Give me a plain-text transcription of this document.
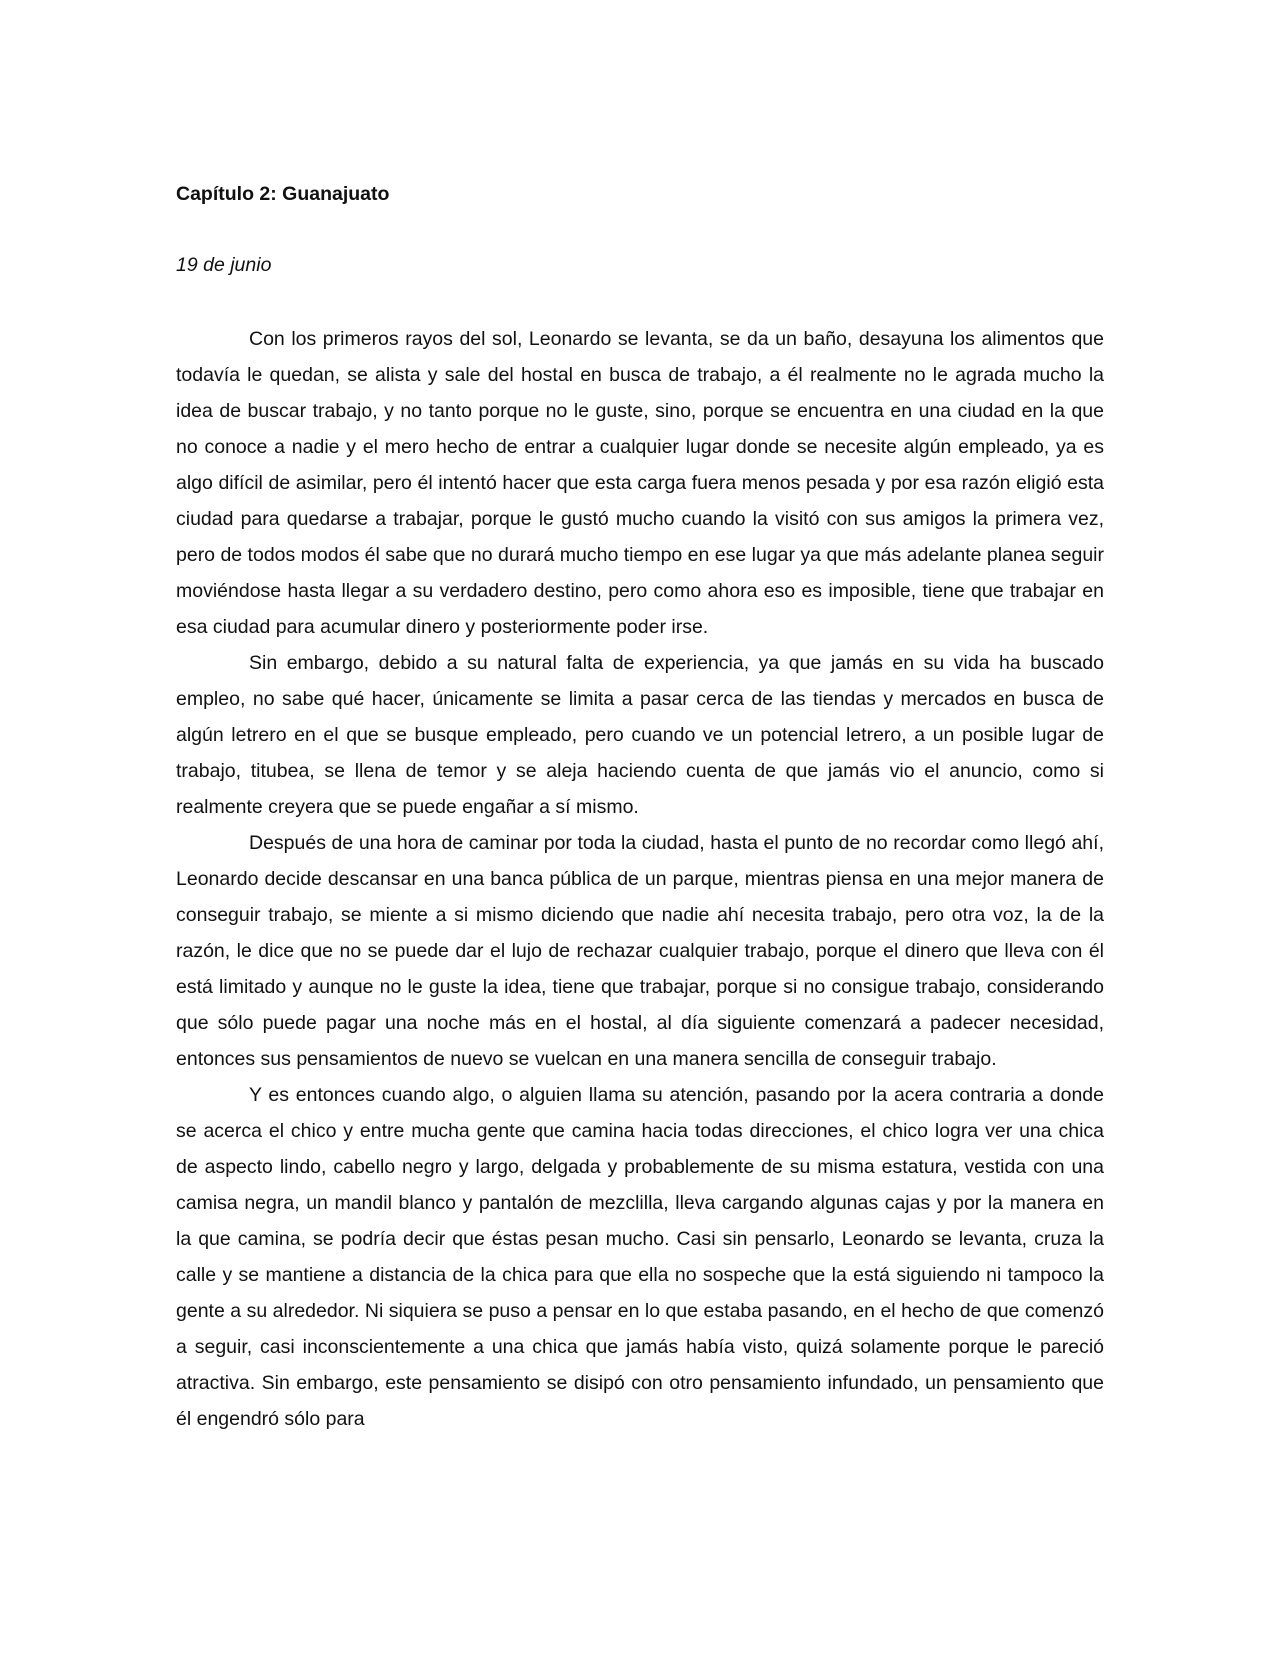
Capítulo 2: Guanajuato

19 de junio

Con los primeros rayos del sol, Leonardo se levanta, se da un baño, desayuna los alimentos que todavía le quedan, se alista y sale del hostal en busca de trabajo, a él realmente no le agrada mucho la idea de buscar trabajo, y no tanto porque no le guste, sino, porque se encuentra en una ciudad en la que no conoce a nadie y el mero hecho de entrar a cualquier lugar donde se necesite algún empleado, ya es algo difícil de asimilar, pero él intentó hacer que esta carga fuera menos pesada y por esa razón eligió esta ciudad para quedarse a trabajar, porque le gustó mucho cuando la visitó con sus amigos la primera vez, pero de todos modos él sabe que no durará mucho tiempo en ese lugar ya que más adelante planea seguir moviéndose hasta llegar a su verdadero destino, pero como ahora eso es imposible, tiene que trabajar en esa ciudad para acumular dinero y posteriormente poder irse.

Sin embargo, debido a su natural falta de experiencia, ya que jamás en su vida ha buscado empleo, no sabe qué hacer, únicamente se limita a pasar cerca de las tiendas y mercados en busca de algún letrero en el que se busque empleado, pero cuando ve un potencial letrero, a un posible lugar de trabajo, titubea, se llena de temor y se aleja haciendo cuenta de que jamás vio el anuncio, como si realmente creyera que se puede engañar a sí mismo.

Después de una hora de caminar por toda la ciudad, hasta el punto de no recordar como llegó ahí, Leonardo decide descansar en una banca pública de un parque, mientras piensa en una mejor manera de conseguir trabajo, se miente a si mismo diciendo que nadie ahí necesita trabajo, pero otra voz, la de la razón, le dice que no se puede dar el lujo de rechazar cualquier trabajo, porque el dinero que lleva con él está limitado y aunque no le guste la idea, tiene que trabajar, porque si no consigue trabajo, considerando que sólo puede pagar una noche más en el hostal, al día siguiente comenzará a padecer necesidad, entonces sus pensamientos de nuevo se vuelcan en una manera sencilla de conseguir trabajo.

Y es entonces cuando algo, o alguien llama su atención, pasando por la acera contraria a donde se acerca el chico y entre mucha gente que camina hacia todas direcciones, el chico logra ver una chica de aspecto lindo, cabello negro y largo, delgada y probablemente de su misma estatura, vestida con una camisa negra, un mandil blanco y pantalón de mezclilla, lleva cargando algunas cajas y por la manera en la que camina, se podría decir que éstas pesan mucho. Casi sin pensarlo, Leonardo se levanta, cruza la calle y se mantiene a distancia de la chica para que ella no sospeche que la está siguiendo ni tampoco la gente a su alrededor. Ni siquiera se puso a pensar en lo que estaba pasando, en el hecho de que comenzó a seguir, casi inconscientemente a una chica que jamás había visto, quizá solamente porque le pareció atractiva. Sin embargo, este pensamiento se disipó con otro pensamiento infundado, un pensamiento que él engendró sólo para
